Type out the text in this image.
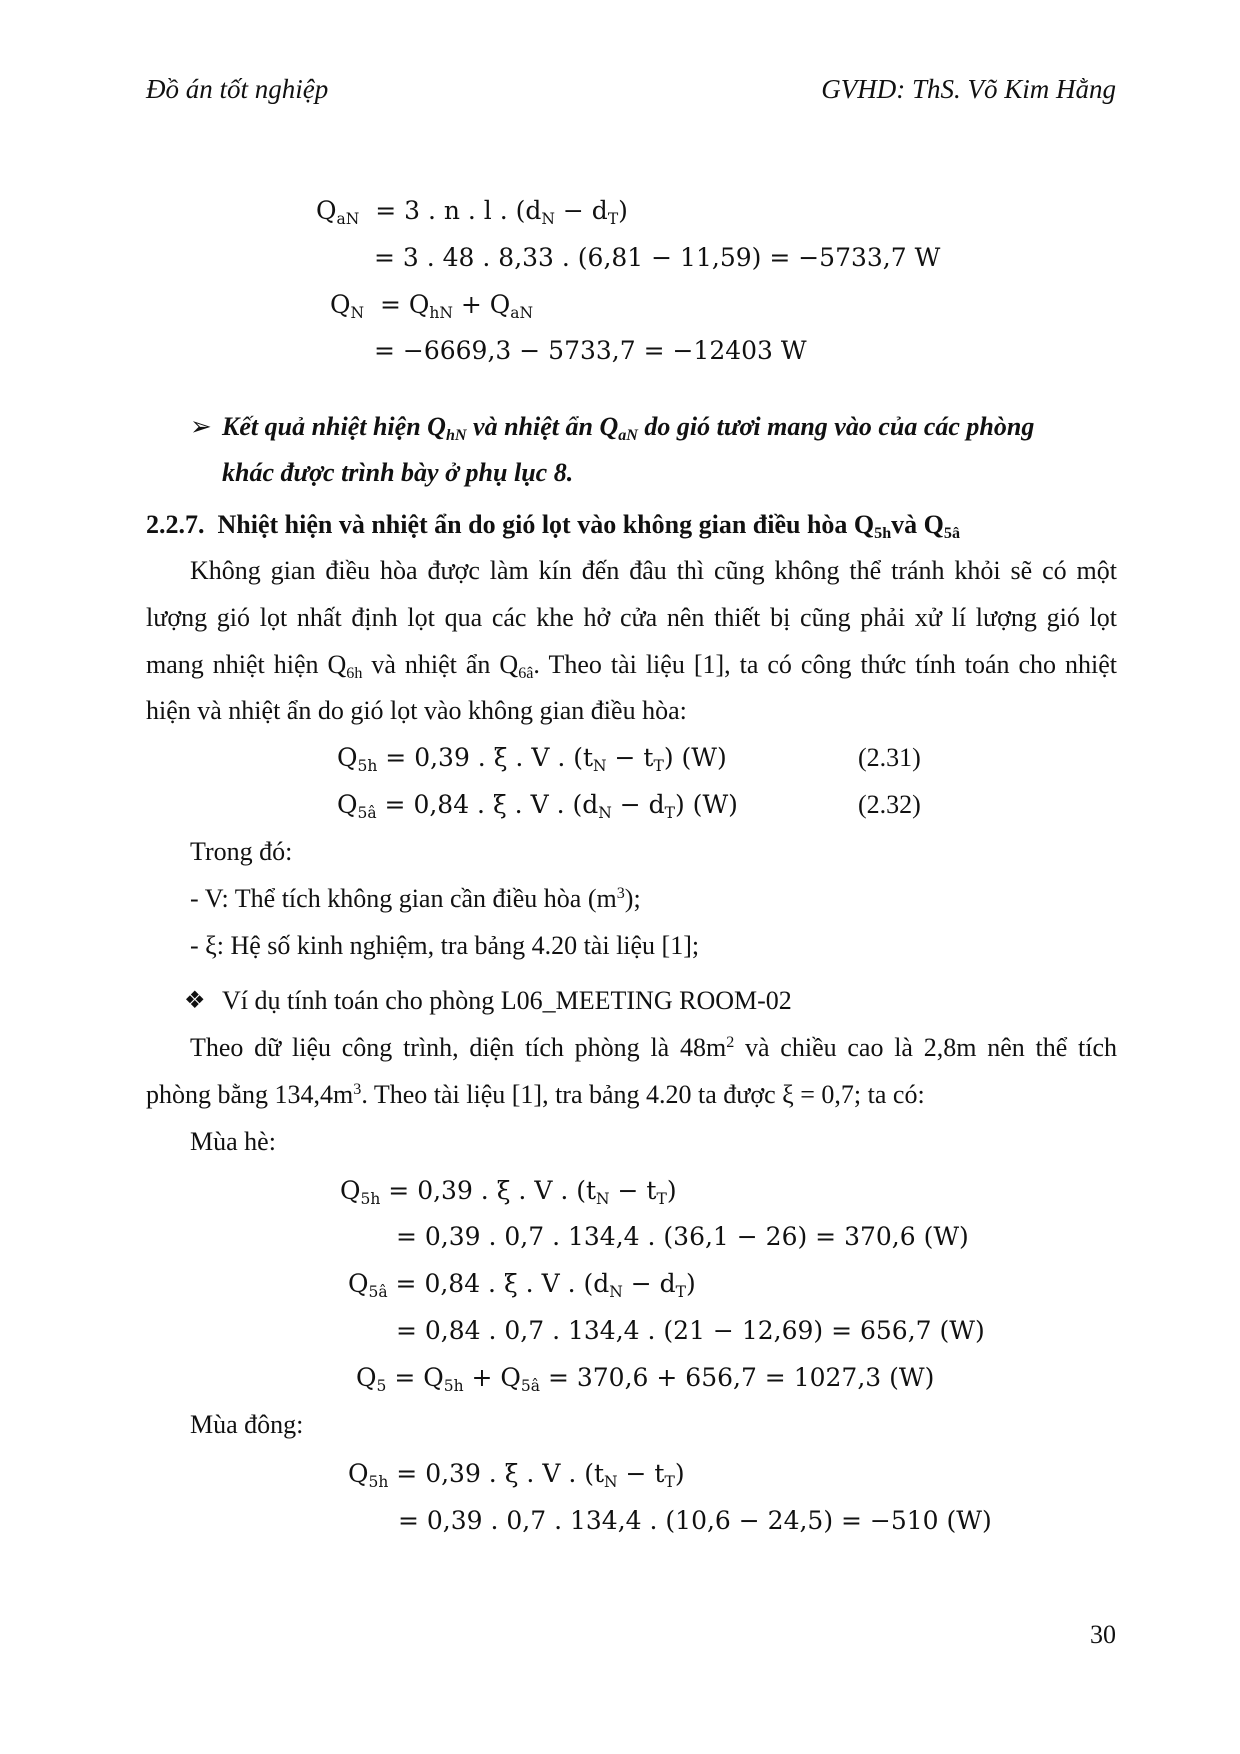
Đồ án tốt nghiệp	GVHD: ThS. Võ Kim Hằng
$Q_{aN} = 3$ . n . l . $(d_N - d_T)$
= 3 . 48 . 8,33 . (6,81 − 11,59) = −5733,7 W
$Q_N = Q_{hN} + Q_{aN}$
= −6669,3 − 5733,7 = −12403 W
➢ Kết quả nhiệt hiện $Q_{hN}$ và nhiệt ẩn $Q_{aN}$ do gió tươi mang vào của các phòng
khác được trình bày ở phụ lục 8.
2.2.7. Nhiệt hiện và nhiệt ẩn do gió lọt vào không gian điều hòa $Q_{5h}và$ $Q_{5â}$
Không gian điều hòa được làm kín đến đâu thì cũng không thể tránh khỏi sẽ có một
lượng gió lọt nhất định lọt qua các khe hở cửa nên thiết bị cũng phải xử lí lượng gió lọt
mang nhiệt hiện $Q_{6h}$ và nhiệt ẩn $Q_{6â}$. Theo tài liệu [1], ta có công thức tính toán cho nhiệt
hiện và nhiệt ẩn do gió lọt vào không gian điều hòa:
$Q_{5h} = 0,39$ . ξ . V . $(t_N - t_T)$ (W)	(2.31)
$Q_{5â} = 0,84$ . ξ . V . $(d_N - d_T)$ (W)	(2.32)
Trong đó:
- V: Thể tích không gian cần điều hòa $(m^3)$;
- ξ: Hệ số kinh nghiệm, tra bảng 4.20 tài liệu [1];
❖ Ví dụ tính toán cho phòng L06_MEETING ROOM-02
Theo dữ liệu công trình, diện tích phòng là $48m^2$ và chiều cao là 2,8m nên thể tích
phòng bằng $134,4m^3$. Theo tài liệu [1], tra bảng 4.20 ta được ξ = 0,7; ta có:
Mùa hè:
$Q_{5h} = 0,39$ . ξ . V . $(t_N - t_T)$
= 0,39 . 0,7 . 134,4 . (36,1 − 26) = 370,6 (W)
$Q_{5â} = 0,84$ . ξ . V . $(d_N - d_T)$
= 0,84 . 0,7 . 134,4 . (21 − 12,69) = 656,7 (W)
$Q_5 = Q_{5h} + Q_{5â} = 370,6 + 656,7 = 1027,3$ (W)
Mùa đông:
$Q_{5h} = 0,39$ . ξ . V . $(t_N - t_T)$
= 0,39 . 0,7 . 134,4 . (10,6 − 24,5) = −510 (W)
30
